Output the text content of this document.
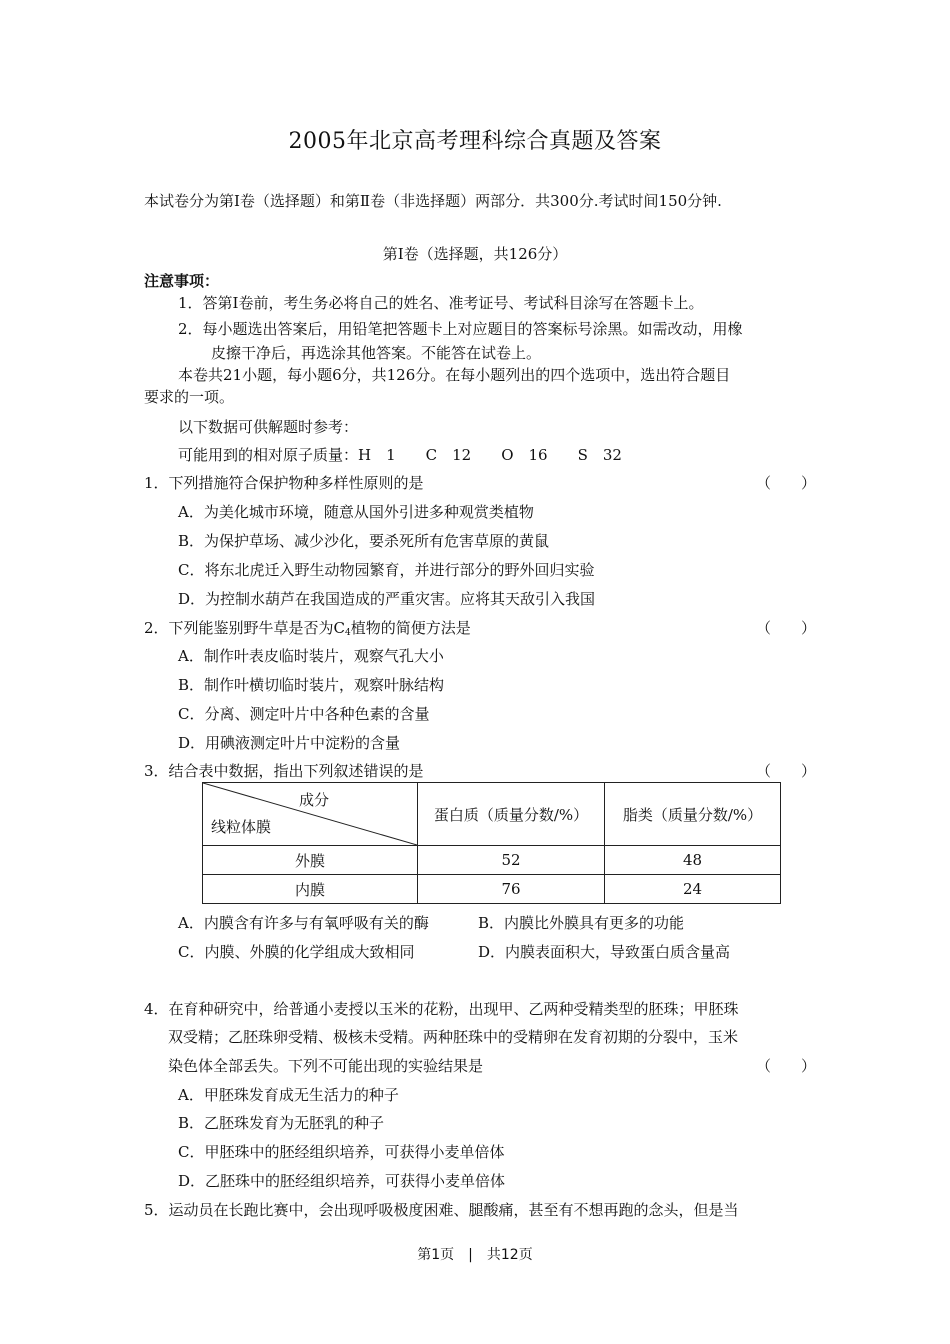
2005年北京高考理科综合真题及答案
本试卷分为第Ⅰ卷（选择题）和第Ⅱ卷（非选择题）两部分．共300分.考试时间150分钟.
第Ⅰ卷（选择题，共126分）
注意事项：
1．答第Ⅰ卷前，考生务必将自己的姓名、准考证号、考试科目涂写在答题卡上。
2．每小题选出答案后，用铅笔把答题卡上对应题目的答案标号涂黑。如需改动，用橡
皮擦干净后，再选涂其他答案。不能答在试卷上。
本卷共21小题，每小题6分，共126分。在每小题列出的四个选项中，选出符合题目
要求的一项。
以下数据可供解题时参考：
可能用到的相对原子质量：H　1　　C　12　　O　16　　S　32
1．下列措施符合保护物种多样性原则的是	（　　）
A．为美化城市环境，随意从国外引进多种观赏类植物
B．为保护草场、减少沙化，要杀死所有危害草原的黄鼠
C．将东北虎迁入野生动物园繁育，并进行部分的野外回归实验
D．为控制水葫芦在我国造成的严重灾害。应将其天敌引入我国
2．下列能鉴别野牛草是否为$C_4$植物的简便方法是	（　　）
A．制作叶表皮临时装片，观察气孔大小
B．制作叶横切临时装片，观察叶脉结构
C．分离、测定叶片中各种色素的含量
D．用碘液测定叶片中淀粉的含量
3．结合表中数据，指出下列叙述错误的是	（　　）
成分
线粒体膜	蛋白质（质量分数/%）	脂类（质量分数/%）
外膜	52	48
内膜	76	24
A．内膜含有许多与有氧呼吸有关的酶	B．内膜比外膜具有更多的功能
C．内膜、外膜的化学组成大致相同	D．内膜表面积大，导致蛋白质含量高
4．在育种研究中，给普通小麦授以玉米的花粉，出现甲、乙两种受精类型的胚珠；甲胚珠
双受精；乙胚珠卵受精、极核未受精。两种胚珠中的受精卵在发育初期的分裂中，玉米
染色体全部丢失。下列不可能出现的实验结果是	（　　）
A．甲胚珠发育成无生活力的种子
B．乙胚珠发育为无胚乳的种子
C．甲胚珠中的胚经组织培养，可获得小麦单倍体
D．乙胚珠中的胚经组织培养，可获得小麦单倍体
5．运动员在长跑比赛中，会出现呼吸极度困难、腿酸痛，甚至有不想再跑的念头，但是当
第1页　|　共12页
